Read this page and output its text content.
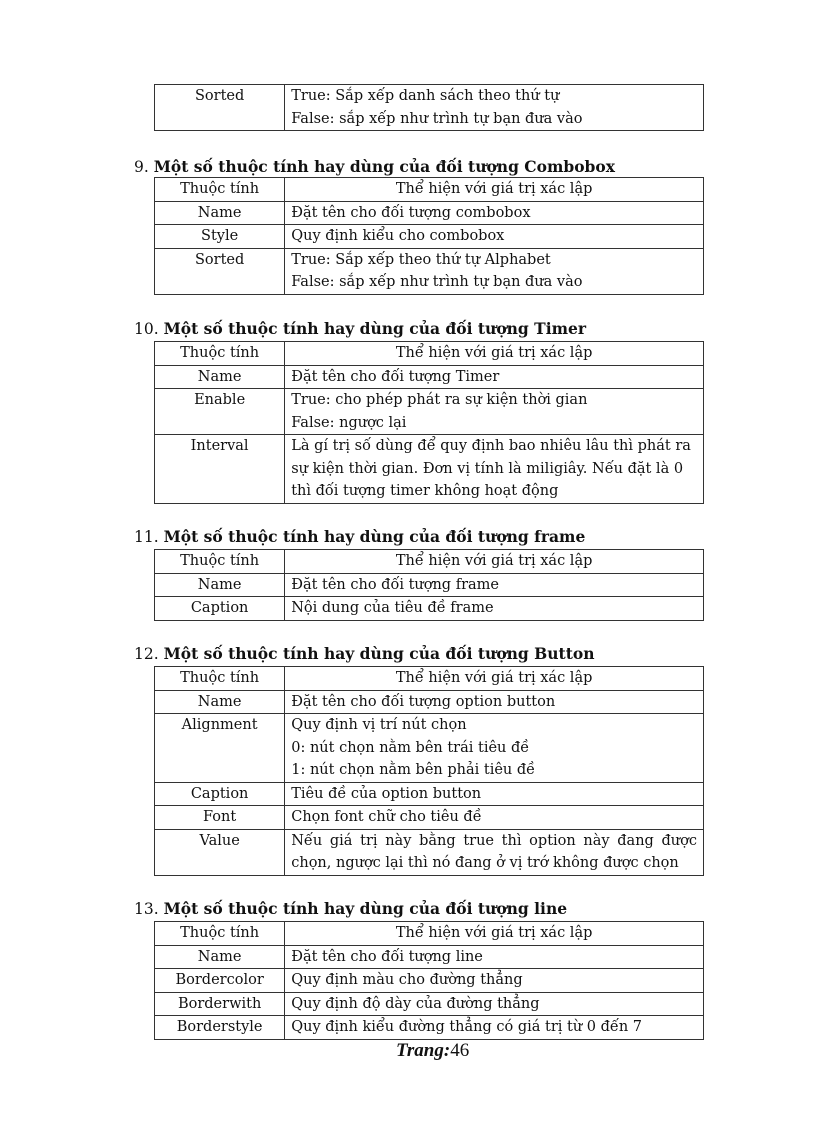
Sorted	True: Sắp xếp danh sách theo thứ tự
False: sắp xếp như trình tự bạn đưa vào
9. Một số thuộc tính hay dùng của đối tượng Combobox
Thuộc tính	Thể hiện với giá trị xác lập
Name	Đặt tên cho đối tượng combobox

Style	Quy định kiểu cho combobox

Sorted	True: Sắp xếp theo thứ tự Alphabet
False: sắp xếp như trình tự bạn đưa vào
10. Một số thuộc tính hay dùng của đối tượng Timer
Thuộc tính	Thể hiện với giá trị xác lập
Name	Đặt tên cho đối tượng Timer

Enable	True: cho phép phát ra sự kiện thời gian
False: ngược lại

Interval	Là gí trị số dùng để quy định bao nhiêu lâu thì phát ra
sự kiện thời gian. Đơn vị tính là miligiây. Nếu đặt là 0
thì đối tượng timer không hoạt động
11. Một số thuộc tính hay dùng của đối tượng frame
Thuộc tính	Thể hiện với giá trị xác lập
Name	Đặt tên cho đối tượng frame

Caption	Nội dung của tiêu đề frame
12. Một số thuộc tính hay dùng của đối tượng Button
Thuộc tính	Thể hiện với giá trị xác lập
Name	Đặt tên cho đối tượng option button

Alignment	Quy định vị trí nút chọn
0: nút chọn nằm bên trái tiêu đề
1: nút chọn nằm bên phải tiêu đề

Caption	Tiêu đề của option button

Font	Chọn font chữ cho tiêu đề

Value	Nếu giá trị này bằng true thì option này đang được
chọn, ngược lại thì nó đang ở vị trớ không được chọn
13. Một số thuộc tính hay dùng của đối tượng line
Thuộc tính	Thể hiện với giá trị xác lập
Name	Đặt tên cho đối tượng line

Bordercolor	Quy định màu cho đường thẳng

Borderwith	Quy định độ dày của đường thẳng

Borderstyle	Quy định kiểu đường thẳng có giá trị từ 0 đến 7
Trang:46
